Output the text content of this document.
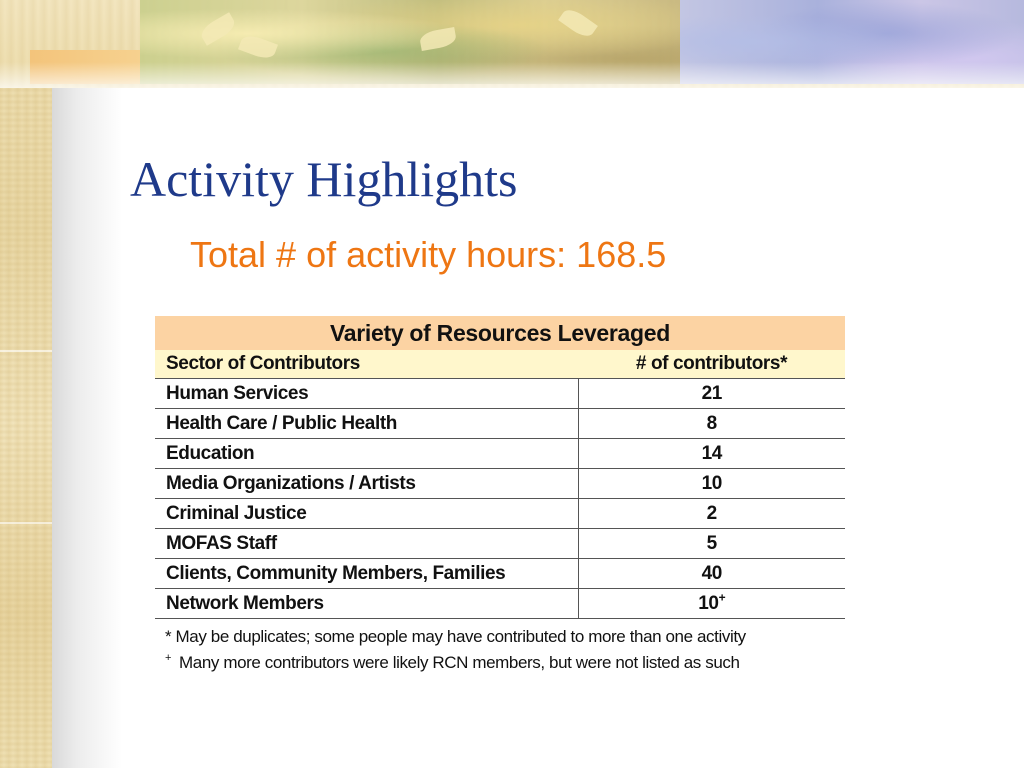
Activity Highlights
Total # of activity hours: 168.5
Variety of Resources Leveraged	
Sector of Contributors	# of contributors*
Human Services	21
Health Care / Public Health	8
Education	14
Media Organizations / Artists	10
Criminal Justice	2
MOFAS Staff	5
Clients, Community Members, Families	40
Network Members	10+
* May be duplicates; some people may have contributed to more than one activity
+ Many more contributors were likely RCN members, but were not listed as such
